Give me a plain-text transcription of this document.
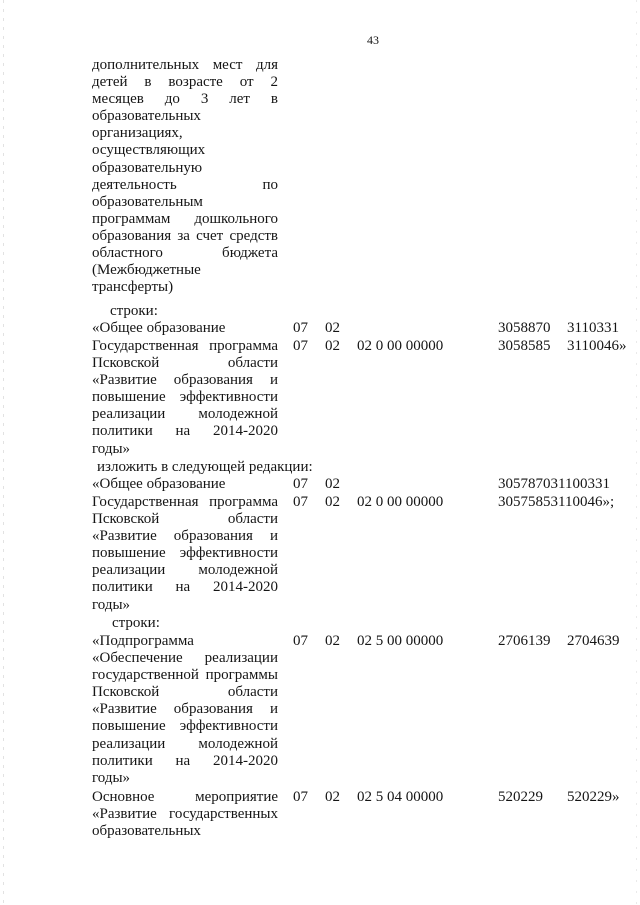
43
дополнительных мест для
детей в возрасте от 2
месяцев до 3 лет в
образовательных
организациях,
осуществляющих
образовательную
деятельность по
образовательным
программам дошкольного
образования за счет средств
областного бюджета
(Межбюджетные
трансферты)
строки:
«Общее образование	07 02	3058870 3110331
Государственная программа
Псковской области
«Развитие образования и
повышение эффективности
реализации молодежной
политики на 2014-2020
годы»
07 02 02 0 00 00000	3058585 3110046»
изложить в следующей редакции:
«Общее образование	07 02	305787031100331
Государственная программа
Псковской области
«Развитие образования и
повышение эффективности
реализации молодежной
политики на 2014-2020
годы»
07 02 02 0 00 00000	30575853110046»;
строки:
«Подпрограмма
«Обеспечение реализации
государственной программы
Псковской области
«Развитие образования и
повышение эффективности
реализации молодежной
политики на 2014-2020
годы»
07 02 02 5 00 00000	2706139 2704639
Основное мероприятие
«Развитие государственных
образовательных
07 02 02 5 04 00000	520229 520229»
